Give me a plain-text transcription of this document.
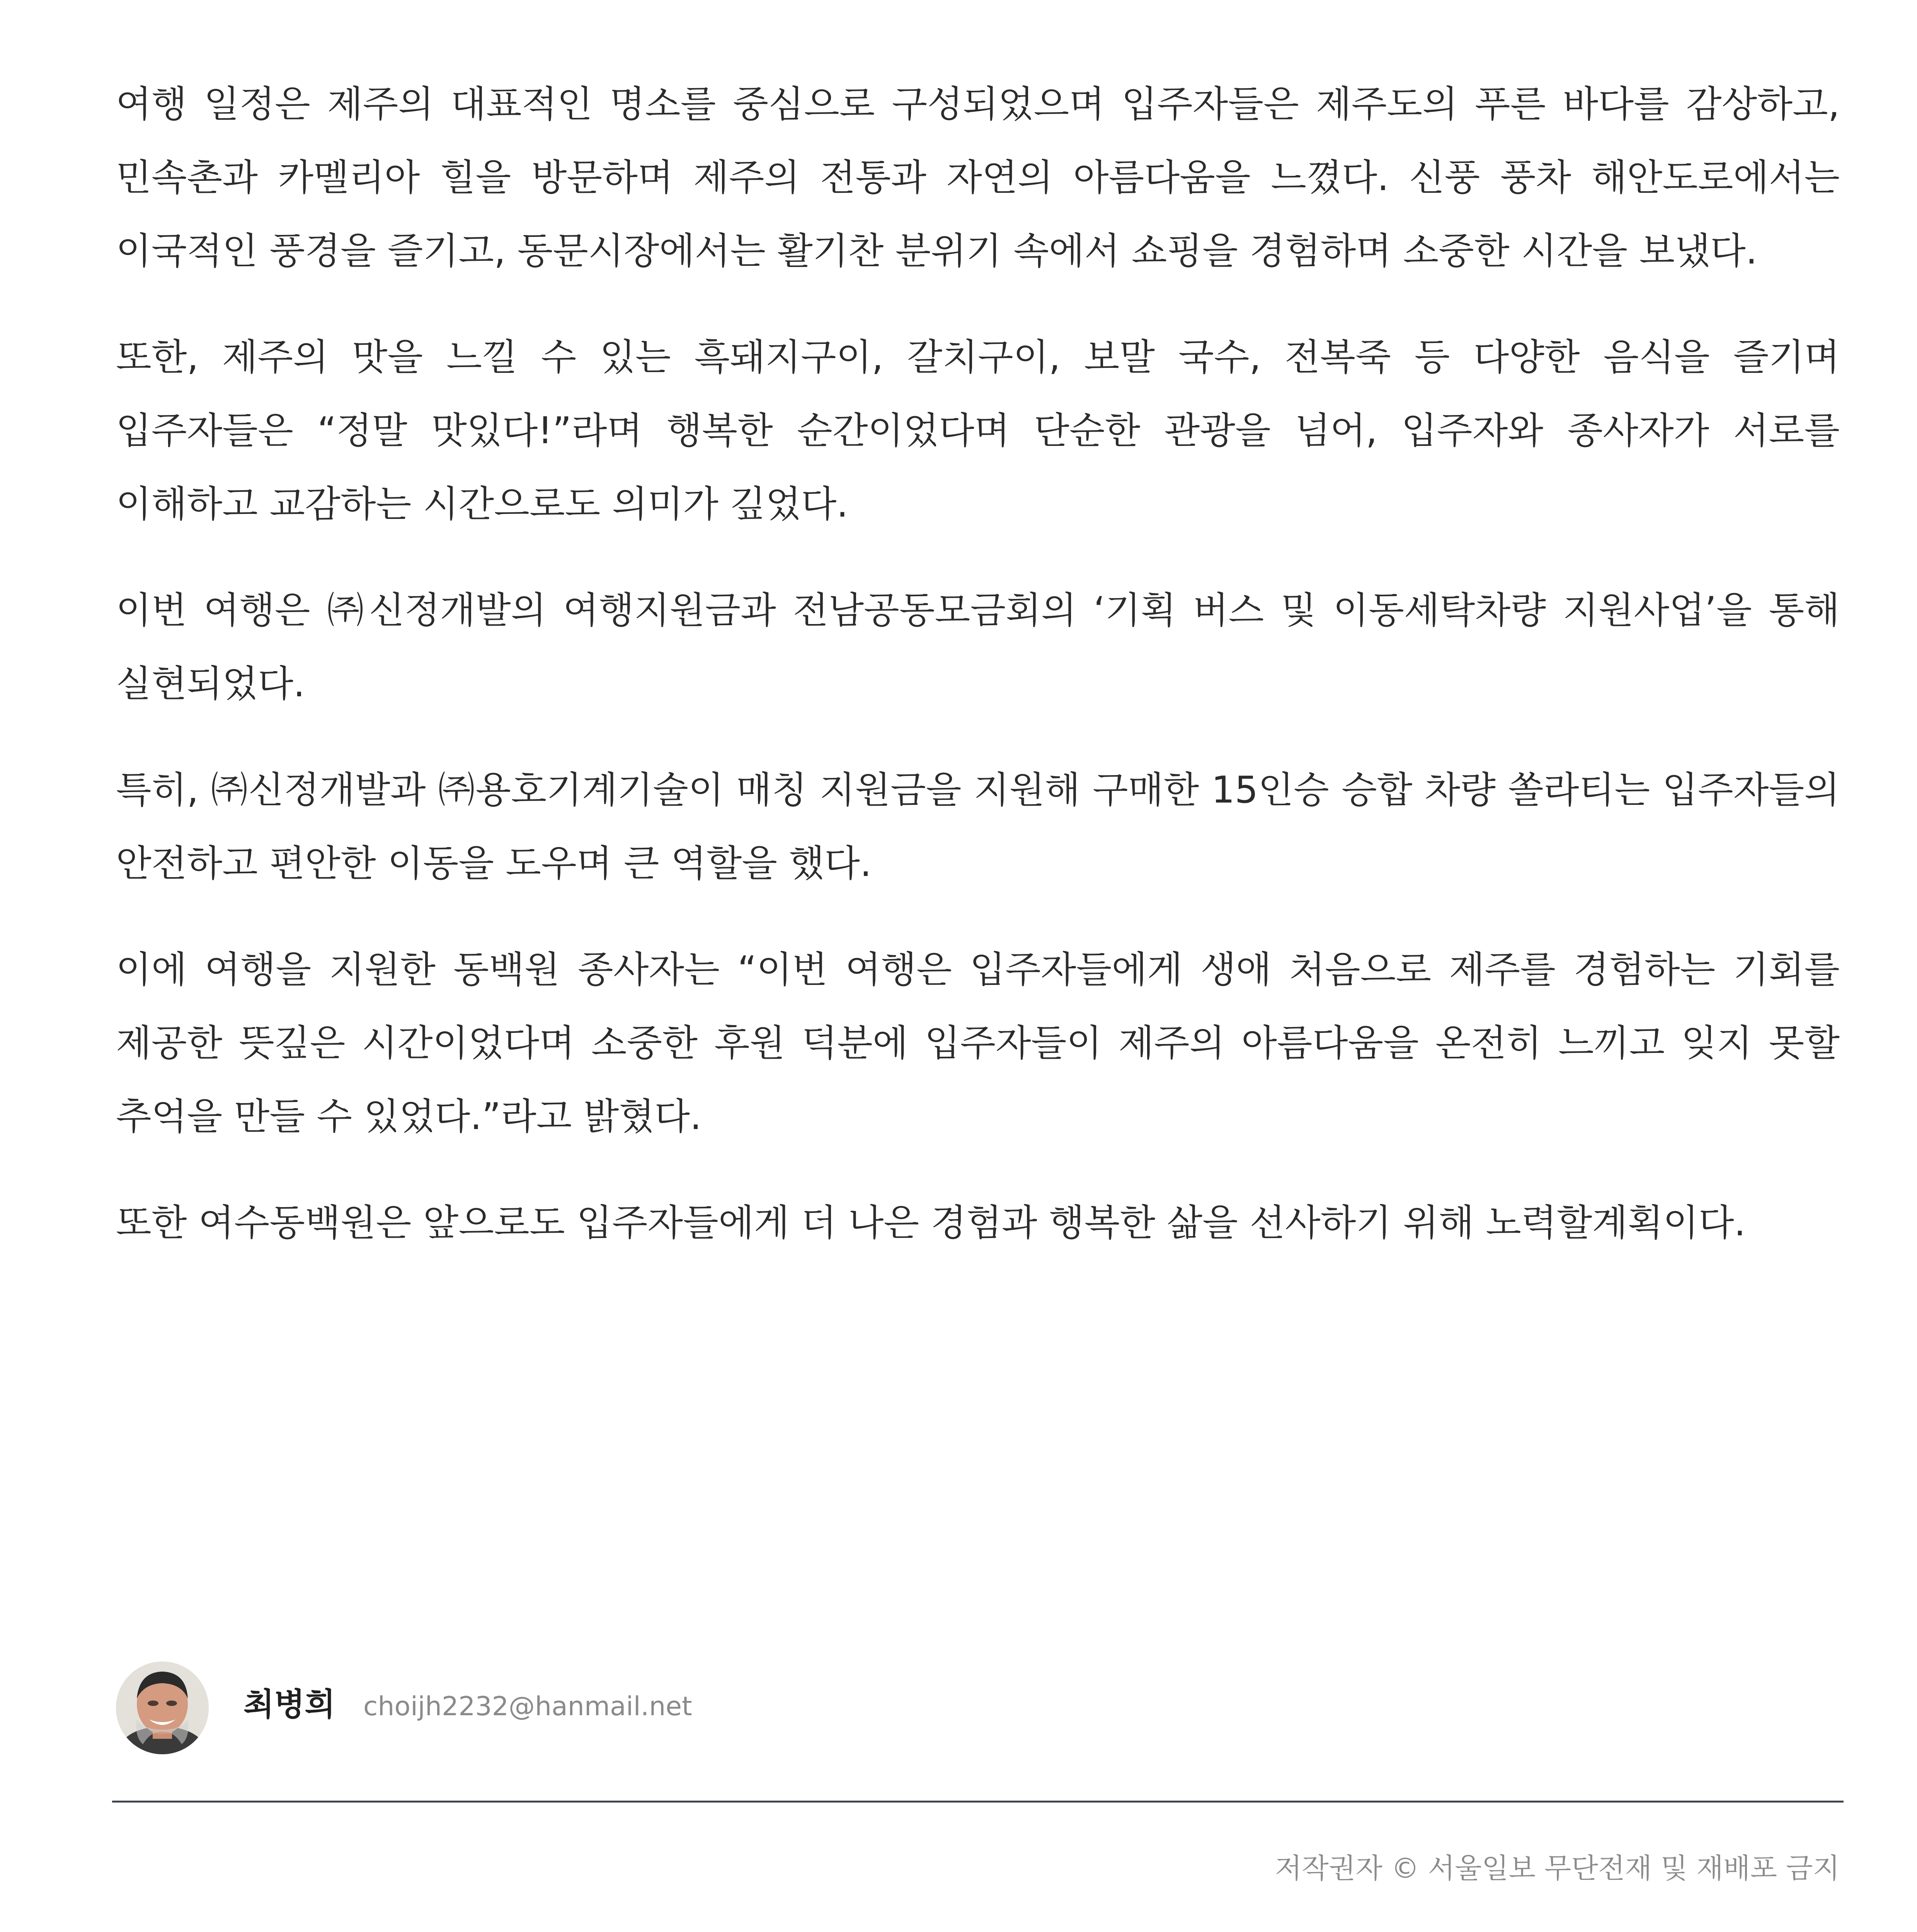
여행 일정은 제주의 대표적인 명소를 중심으로 구성되었으며 입주자들은 제주도의 푸른 바다를 감상하고, 민속촌과 카멜리아 힐을 방문하며 제주의 전통과 자연의 아름다움을 느꼈다. 신풍 풍차 해안도로에서는 이국적인 풍경을 즐기고, 동문시장에서는 활기찬 분위기 속에서 쇼핑을 경험하며 소중한 시간을 보냈다.

또한, 제주의 맛을 느낄 수 있는 흑돼지구이, 갈치구이, 보말 국수, 전복죽 등 다양한 음식을 즐기며 입주자들은 “정말 맛있다!”라며 행복한 순간이었다며 단순한 관광을 넘어, 입주자와 종사자가 서로를 이해하고 교감하는 시간으로도 의미가 깊었다.

이번 여행은 ㈜신정개발의 여행지원금과 전남공동모금회의 ‘기획 버스 및 이동세탁차량 지원사업’을 통해 실현되었다.

특히, ㈜신정개발과 ㈜용호기계기술이 매칭 지원금을 지원해 구매한 15인승 승합 차량 쏠라티는 입주자들의 안전하고 편안한 이동을 도우며 큰 역할을 했다.

이에 여행을 지원한 동백원 종사자는 “이번 여행은 입주자들에게 생애 처음으로 제주를 경험하는 기회를 제공한 뜻깊은 시간이었다며 소중한 후원 덕분에 입주자들이 제주의 아름다움을 온전히 느끼고 잊지 못할 추억을 만들 수 있었다.”라고 밝혔다.

또한 여수동백원은 앞으로도 입주자들에게 더 나은 경험과 행복한 삶을 선사하기 위해 노력할계획이다.

최병희 choijh2232@hanmail.net
저작권자 © 서울일보 무단전재 및 재배포 금지
